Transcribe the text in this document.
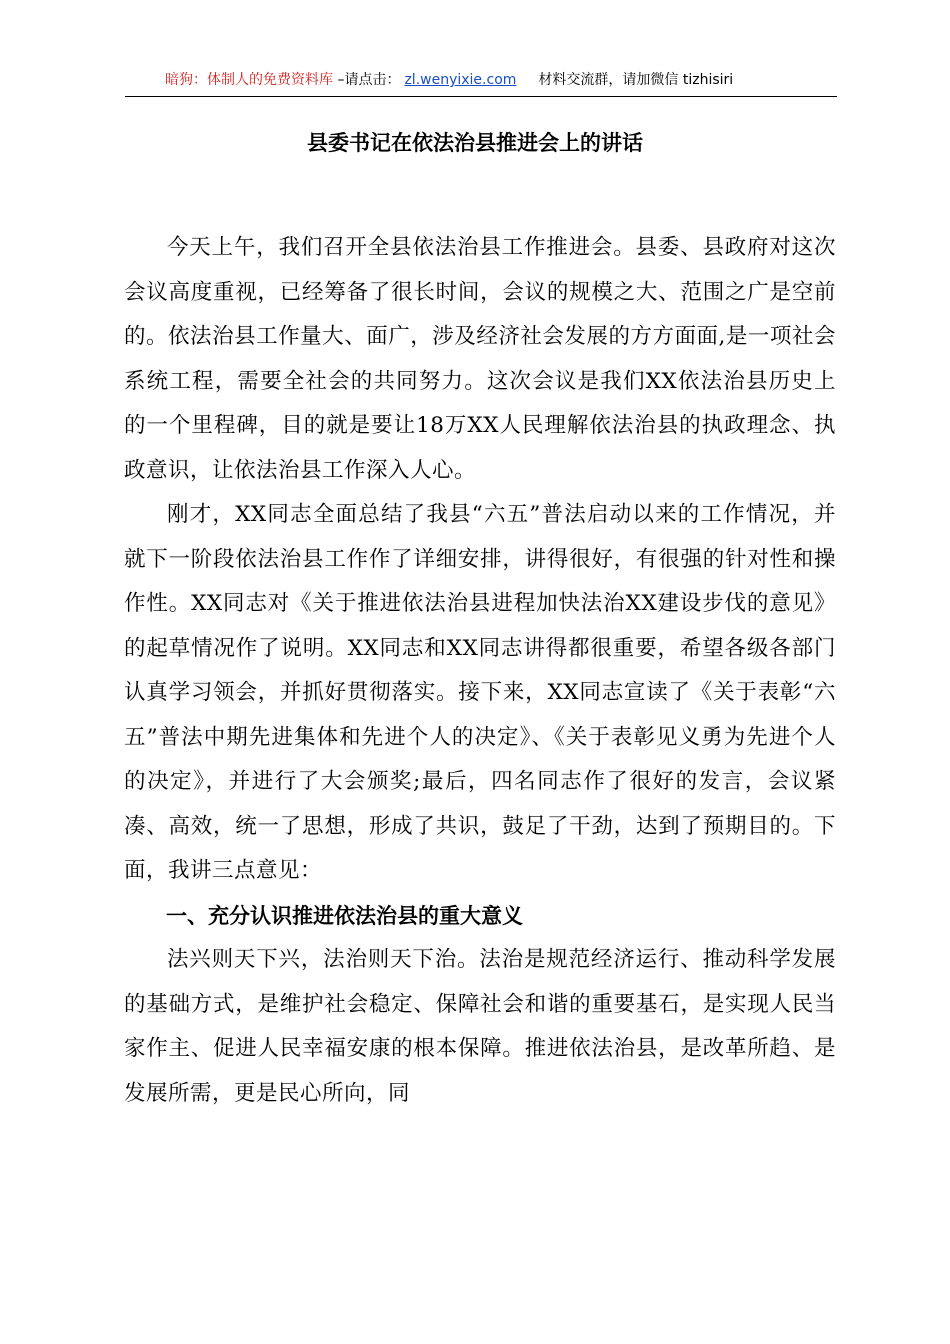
暗狗：体制人的免费资料库 –请点击： zl.wenyixie.com 材料交流群，请加微信 tizhisiri
县委书记在依法治县推进会上的讲话

今天上午，我们召开全县依法治县工作推进会。县委、县政府对这次会议高度重视，已经筹备了很长时间，会议的规模之大、范围之广是空前的。依法治县工作量大、面广，涉及经济社会发展的方方面面,是一项社会系统工程，需要全社会的共同努力。这次会议是我们XX依法治县历史上的一个里程碑，目的就是要让18万XX人民理解依法治县的执政理念、执政意识，让依法治县工作深入人心。

刚才，XX同志全面总结了我县“六五”普法启动以来的工作情况，并就下一阶段依法治县工作作了详细安排，讲得很好，有很强的针对性和操作性。XX同志对《关于推进依法治县进程加快法治XX建设步伐的意见》的起草情况作了说明。XX同志和XX同志讲得都很重要，希望各级各部门认真学习领会，并抓好贯彻落实。接下来，XX同志宣读了《关于表彰“六五”普法中期先进集体和先进个人的决定》、《关于表彰见义勇为先进个人的决定》，并进行了大会颁奖;最后，四名同志作了很好的发言，会议紧凑、高效，统一了思想，形成了共识，鼓足了干劲，达到了预期目的。下面，我讲三点意见：

一、充分认识推进依法治县的重大意义

法兴则天下兴，法治则天下治。法治是规范经济运行、推动科学发展的基础方式，是维护社会稳定、保障社会和谐的重要基石，是实现人民当家作主、促进人民幸福安康的根本保障。推进依法治县，是改革所趋、是发展所需，更是民心所向，同
